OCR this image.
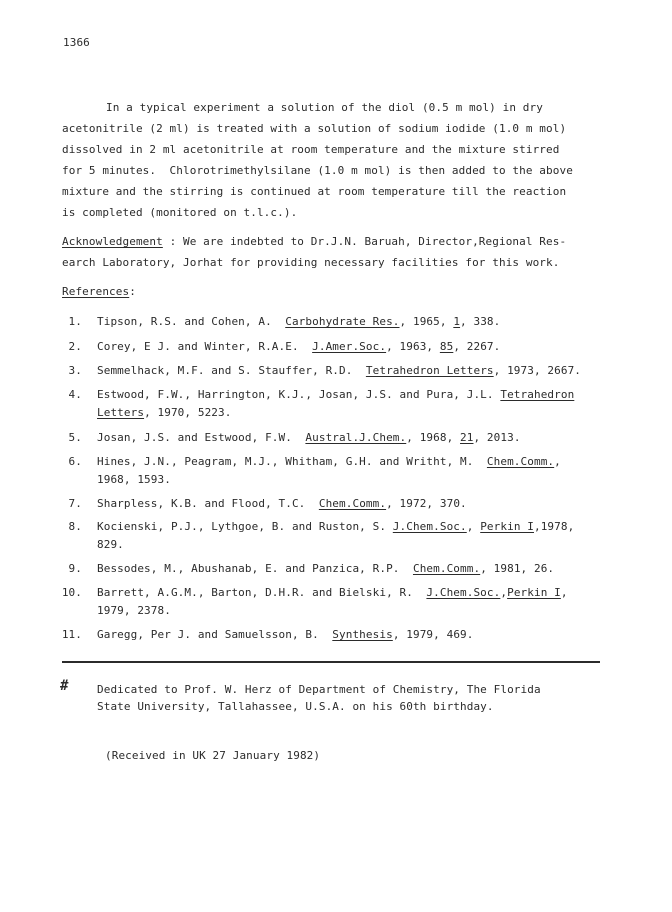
1366
In a typical experiment a solution of the diol (0.5 m mol) in dry
acetonitrile (2 ml) is treated with a solution of sodium iodide (1.0 m mol)
dissolved in 2 ml acetonitrile at room temperature and the mixture stirred
for 5 minutes.  Chlorotrimethylsilane (1.0 m mol) is then added to the above
mixture and the stirring is continued at room temperature till the reaction
is completed (monitored on t.l.c.).
Acknowledgement : We are indebted to Dr.J.N. Baruah, Director,Regional Res-
earch Laboratory, Jorhat for providing necessary facilities for this work.
References:
1. Tipson, R.S. and Cohen, A.  Carbohydrate Res., 1965, 1, 338.
2. Corey, E J. and Winter, R.A.E.  J.Amer.Soc., 1963, 85, 2267.
3. Semmelhack, M.F. and S. Stauffer, R.D.  Tetrahedron Letters, 1973, 2667.
4. Estwood, F.W., Harrington, K.J., Josan, J.S. and Pura, J.L. Tetrahedron
Letters, 1970, 5223.
5. Josan, J.S. and Estwood, F.W.  Austral.J.Chem., 1968, 21, 2013.
6. Hines, J.N., Peagram, M.J., Whitham, G.H. and Writht, M.  Chem.Comm.,
1968, 1593.
7. Sharpless, K.B. and Flood, T.C.  Chem.Comm., 1972, 370.
8. Kocienski, P.J., Lythgoe, B. and Ruston, S. J.Chem.Soc., Perkin I,1978,
829.
9. Bessodes, M., Abushanab, E. and Panzica, R.P.  Chem.Comm., 1981, 26.
10. Barrett, A.G.M., Barton, D.H.R. and Bielski, R.  J.Chem.Soc.,Perkin I,
1979, 2378.
11. Garegg, Per J. and Samuelsson, B.  Synthesis, 1979, 469.
#	Dedicated to Prof. W. Herz of Department of Chemistry, The Florida
State University, Tallahassee, U.S.A. on his 60th birthday.
(Received in UK 27 January 1982)
